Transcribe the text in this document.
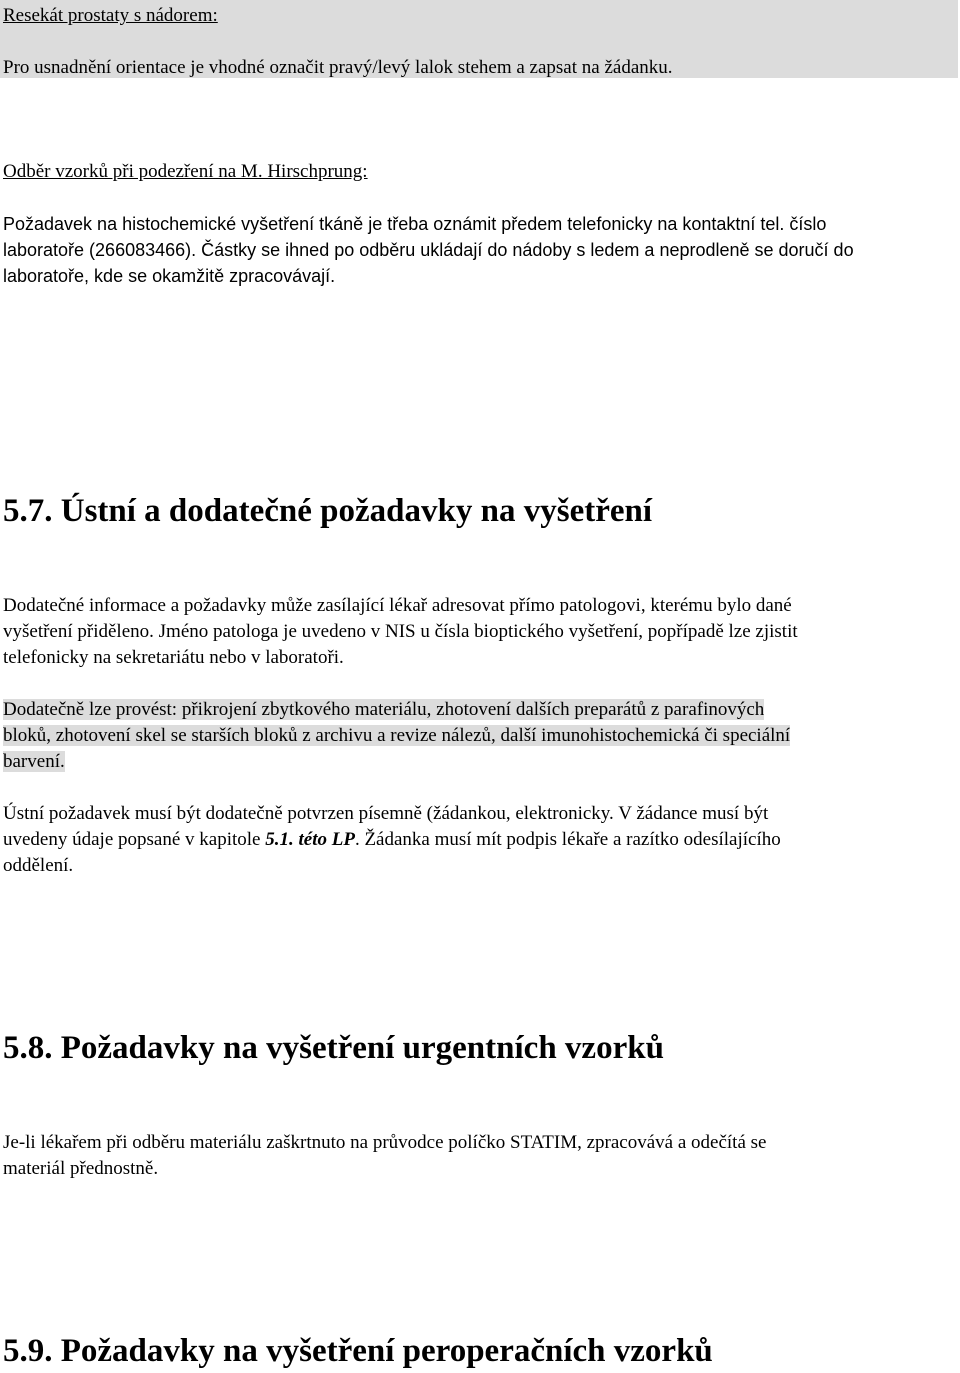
Resekát prostaty s nádorem:

Pro usnadnění orientace je vhodné označit pravý/levý lalok stehem a zapsat na žádanku.

Odběr vzorků při podezření na M. Hirschprung:

Požadavek na histochemické vyšetření tkáně je třeba oznámit předem telefonicky na kontaktní tel. číslo
laboratoře (266083466). Částky se ihned po odběru ukládají do nádoby s ledem a neprodleně se doručí do
laboratoře, kde se okamžitě zpracovávají.
5.7. Ústní a dodatečné požadavky na vyšetření
Dodatečné informace a požadavky může zasílající lékař adresovat přímo patologovi, kterému bylo dané
vyšetření přiděleno. Jméno patologa je uvedeno v NIS u čísla bioptického vyšetření, popřípadě lze zjistit
telefonicky na sekretariátu nebo v laboratoři.
Dodatečně lze provést: přikrojení zbytkového materiálu, zhotovení dalších preparátů z parafinových
bloků, zhotovení skel se starších bloků z archivu a revize nálezů, další imunohistochemická či speciální
barvení.
Ústní požadavek musí být dodatečně potvrzen písemně (žádankou, elektronicky. V žádance musí být
uvedeny údaje popsané v kapitole 5.1. této LP. Žádanka musí mít podpis lékaře a razítko odesílajícího
oddělení.
5.8. Požadavky na vyšetření urgentních vzorků
Je-li lékařem při odběru materiálu zaškrtnuto na průvodce políčko STATIM, zpracovává a odečítá se
materiál přednostně.
5.9. Požadavky na vyšetření peroperačních vzorků
